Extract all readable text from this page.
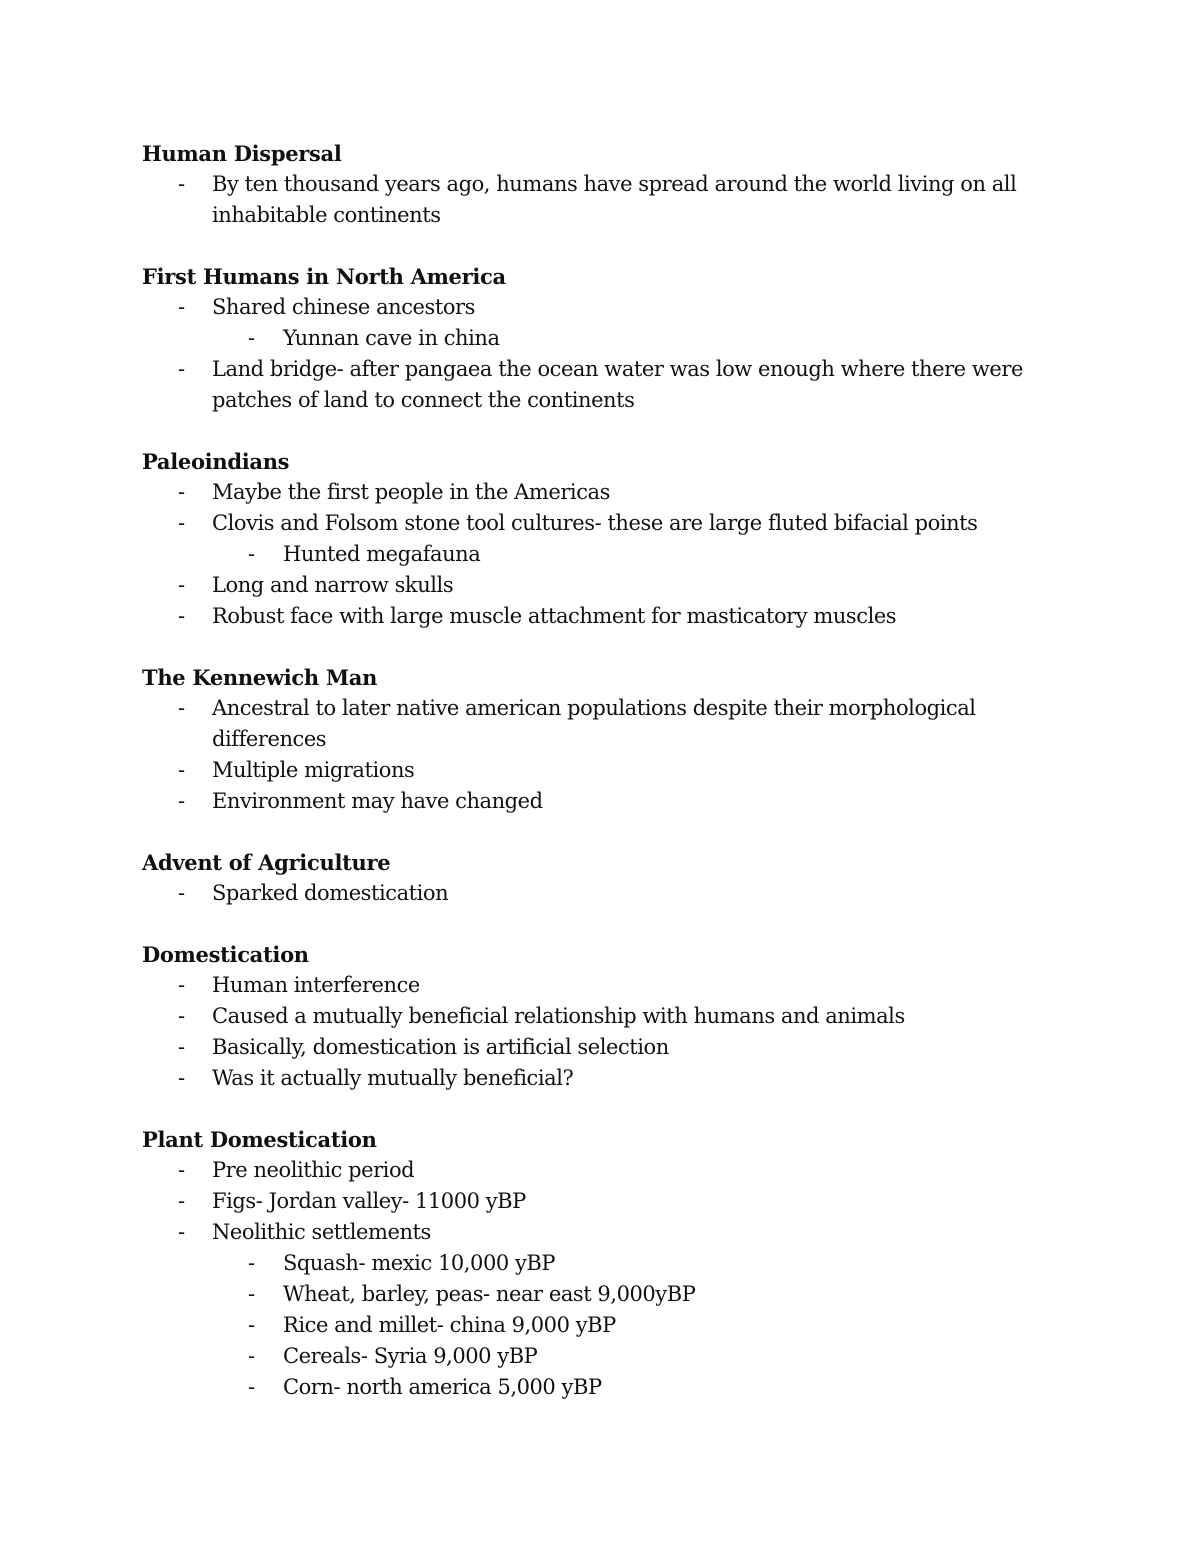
Human Dispersal
- By ten thousand years ago, humans have spread around the world living on all inhabitable continents
First Humans in North America
- Shared chinese ancestors
- Yunnan cave in china
- Land bridge- after pangaea the ocean water was low enough where there were patches of land to connect the continents
Paleoindians
- Maybe the first people in the Americas
- Clovis and Folsom stone tool cultures- these are large fluted bifacial points
- Hunted megafauna
- Long and narrow skulls
- Robust face with large muscle attachment for masticatory muscles
The Kennewich Man
- Ancestral to later native american populations despite their morphological differences
- Multiple migrations
- Environment may have changed
Advent of Agriculture
- Sparked domestication
Domestication
- Human interference
- Caused a mutually beneficial relationship with humans and animals
- Basically, domestication is artificial selection
- Was it actually mutually beneficial?
Plant Domestication
- Pre neolithic period
- Figs- Jordan valley- 11000 yBP
- Neolithic settlements
- Squash- mexic 10,000 yBP
- Wheat, barley, peas- near east 9,000yBP
- Rice and millet- china 9,000 yBP
- Cereals- Syria 9,000 yBP
- Corn- north america 5,000 yBP
